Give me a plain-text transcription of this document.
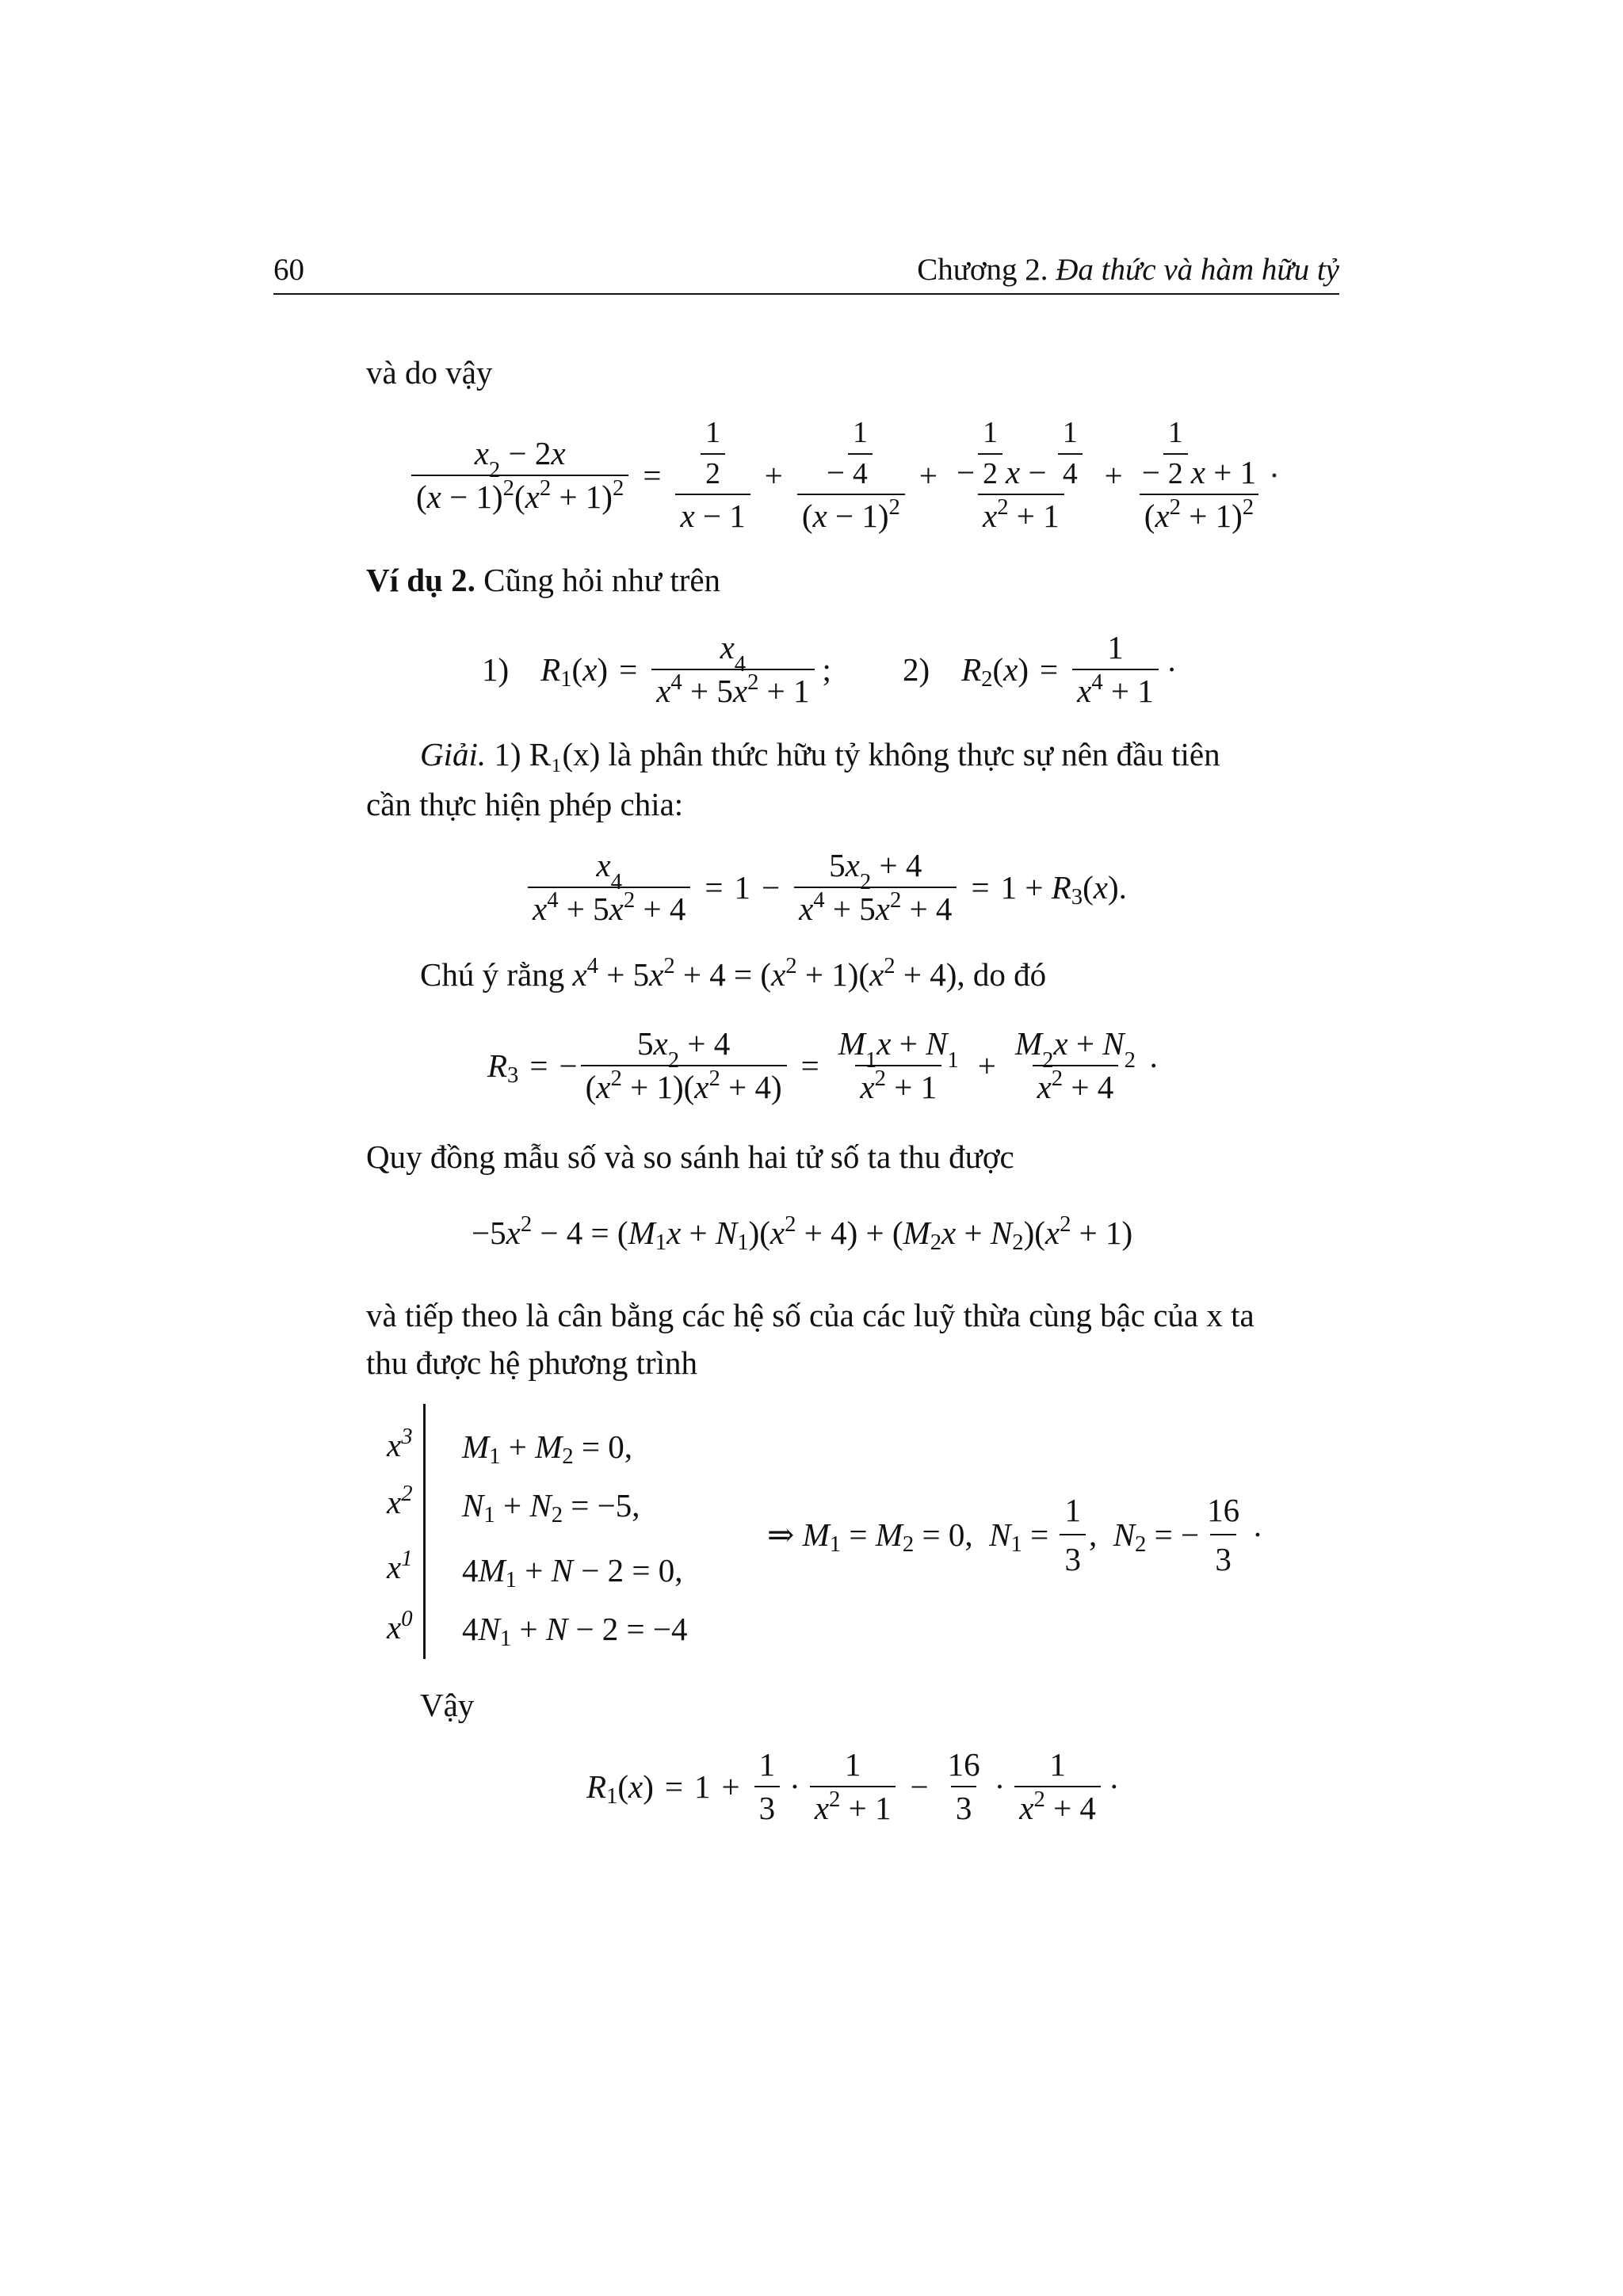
60	Chương 2. Đa thức và hàm hữu tỷ
và do vậy
$\frac{x 2 - 2 x}{(x - 1)^2(x^2 + 1)^2} = \frac{\frac{1}{2}}{x - 1} + \frac{- \frac{1}{4}}{(x - 1)^2} + \frac{- \frac{1}{2} x - \frac{1}{4}}{x^2 + 1} + \frac{- \frac{1}{2} x + 1}{(x^2 + 1)^2}$ ·
Ví dụ 2. Cũng hỏi như trên
1) $R_1(x) = \frac{x 4}{x^4 + 5x^2 + 1}$ ; 2) $R_2(x) = \frac{1}{x^4 + 1}$ ·
Giải. 1) R₁(x) là phân thức hữu tỷ không thực sự nên đầu tiên
cần thực hiện phép chia:
$\frac{x 4}{x^4 + 5x^2 + 4} = 1 - \frac{5 x 2 + 4}{x^4 + 5x^2 + 4} = 1 + R_3(x)$.
Chú ý rằng $x^4 + 5x^2 + 4 = (x^2 + 1)(x^2 + 4)$, do đó
$R_3$ = − $\frac{5 x 2 + 4}{(x^2 + 1)(x^2 + 4)} = \frac{M 1 x + N 1}{x^2 + 1} + \frac{M 2 x + N 2}{x^2 + 4}$ ·
Quy đồng mẫu số và so sánh hai tử số ta thu được
$-5x^2 - 4 = (M_1x + N_1)(x^2 + 4) + (M_2x + N_2)(x^2 + 1)$
và tiếp theo là cân bằng các hệ số của các luỹ thừa cùng bậc của x ta
thu được hệ phương trình
$x^3$
$x^2$
$x^1$
$x^0$
$M_1 + M_2 = 0$,
$N_1 + N_2 = -5$,
$4M_1 + N - 2 = 0$,
$4N_1 + N - 2 = -4$
⇒ $M_1 = M_2 = 0$,  $N_1 = \frac{1}{3}$ ,  $N_2$ = − $\frac{16}{3}$ ·
Vậy
$R_1(x) = 1 + \frac{1}{3} \cdot \frac{1}{x^2 + 1} - \frac{16}{3} \cdot \frac{1}{x^2 + 4}$ ·
